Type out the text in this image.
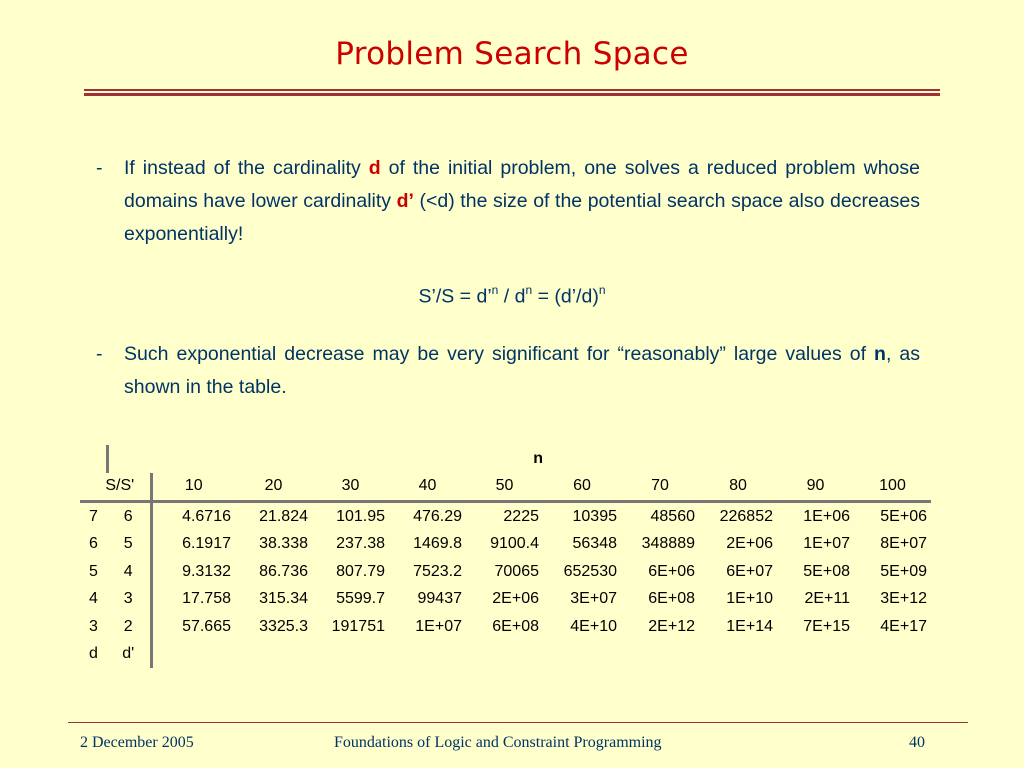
Problem Search Space
- If instead of the cardinality d of the initial problem, one solves a reduced problem whose domains have lower cardinality d’ (<d) the size of the potential search space also decreases exponentially!
S’/S = d’$^n$ / $d^n$ = (d’/d)$^n$
- Such exponential decrease may be very significant for “reasonably” large values of n, as shown in the table.
						n					
S/S'		10	20	30	40	50	60	70	80	90	100
7	6	4.6716	21.824	101.95	476.29	2225	10395	48560	226852	1E+06	5E+06
6	5	6.1917	38.338	237.38	1469.8	9100.4	56348	348889	2E+06	1E+07	8E+07
5	4	9.3132	86.736	807.79	7523.2	70065	652530	6E+06	6E+07	5E+08	5E+09
4	3	17.758	315.34	5599.7	99437	2E+06	3E+07	6E+08	1E+10	2E+11	3E+12
3	2	57.665	3325.3	191751	1E+07	6E+08	4E+10	2E+12	1E+14	7E+15	4E+17
d	d'										
2 December 2005	Foundations of Logic and Constraint Programming	40
